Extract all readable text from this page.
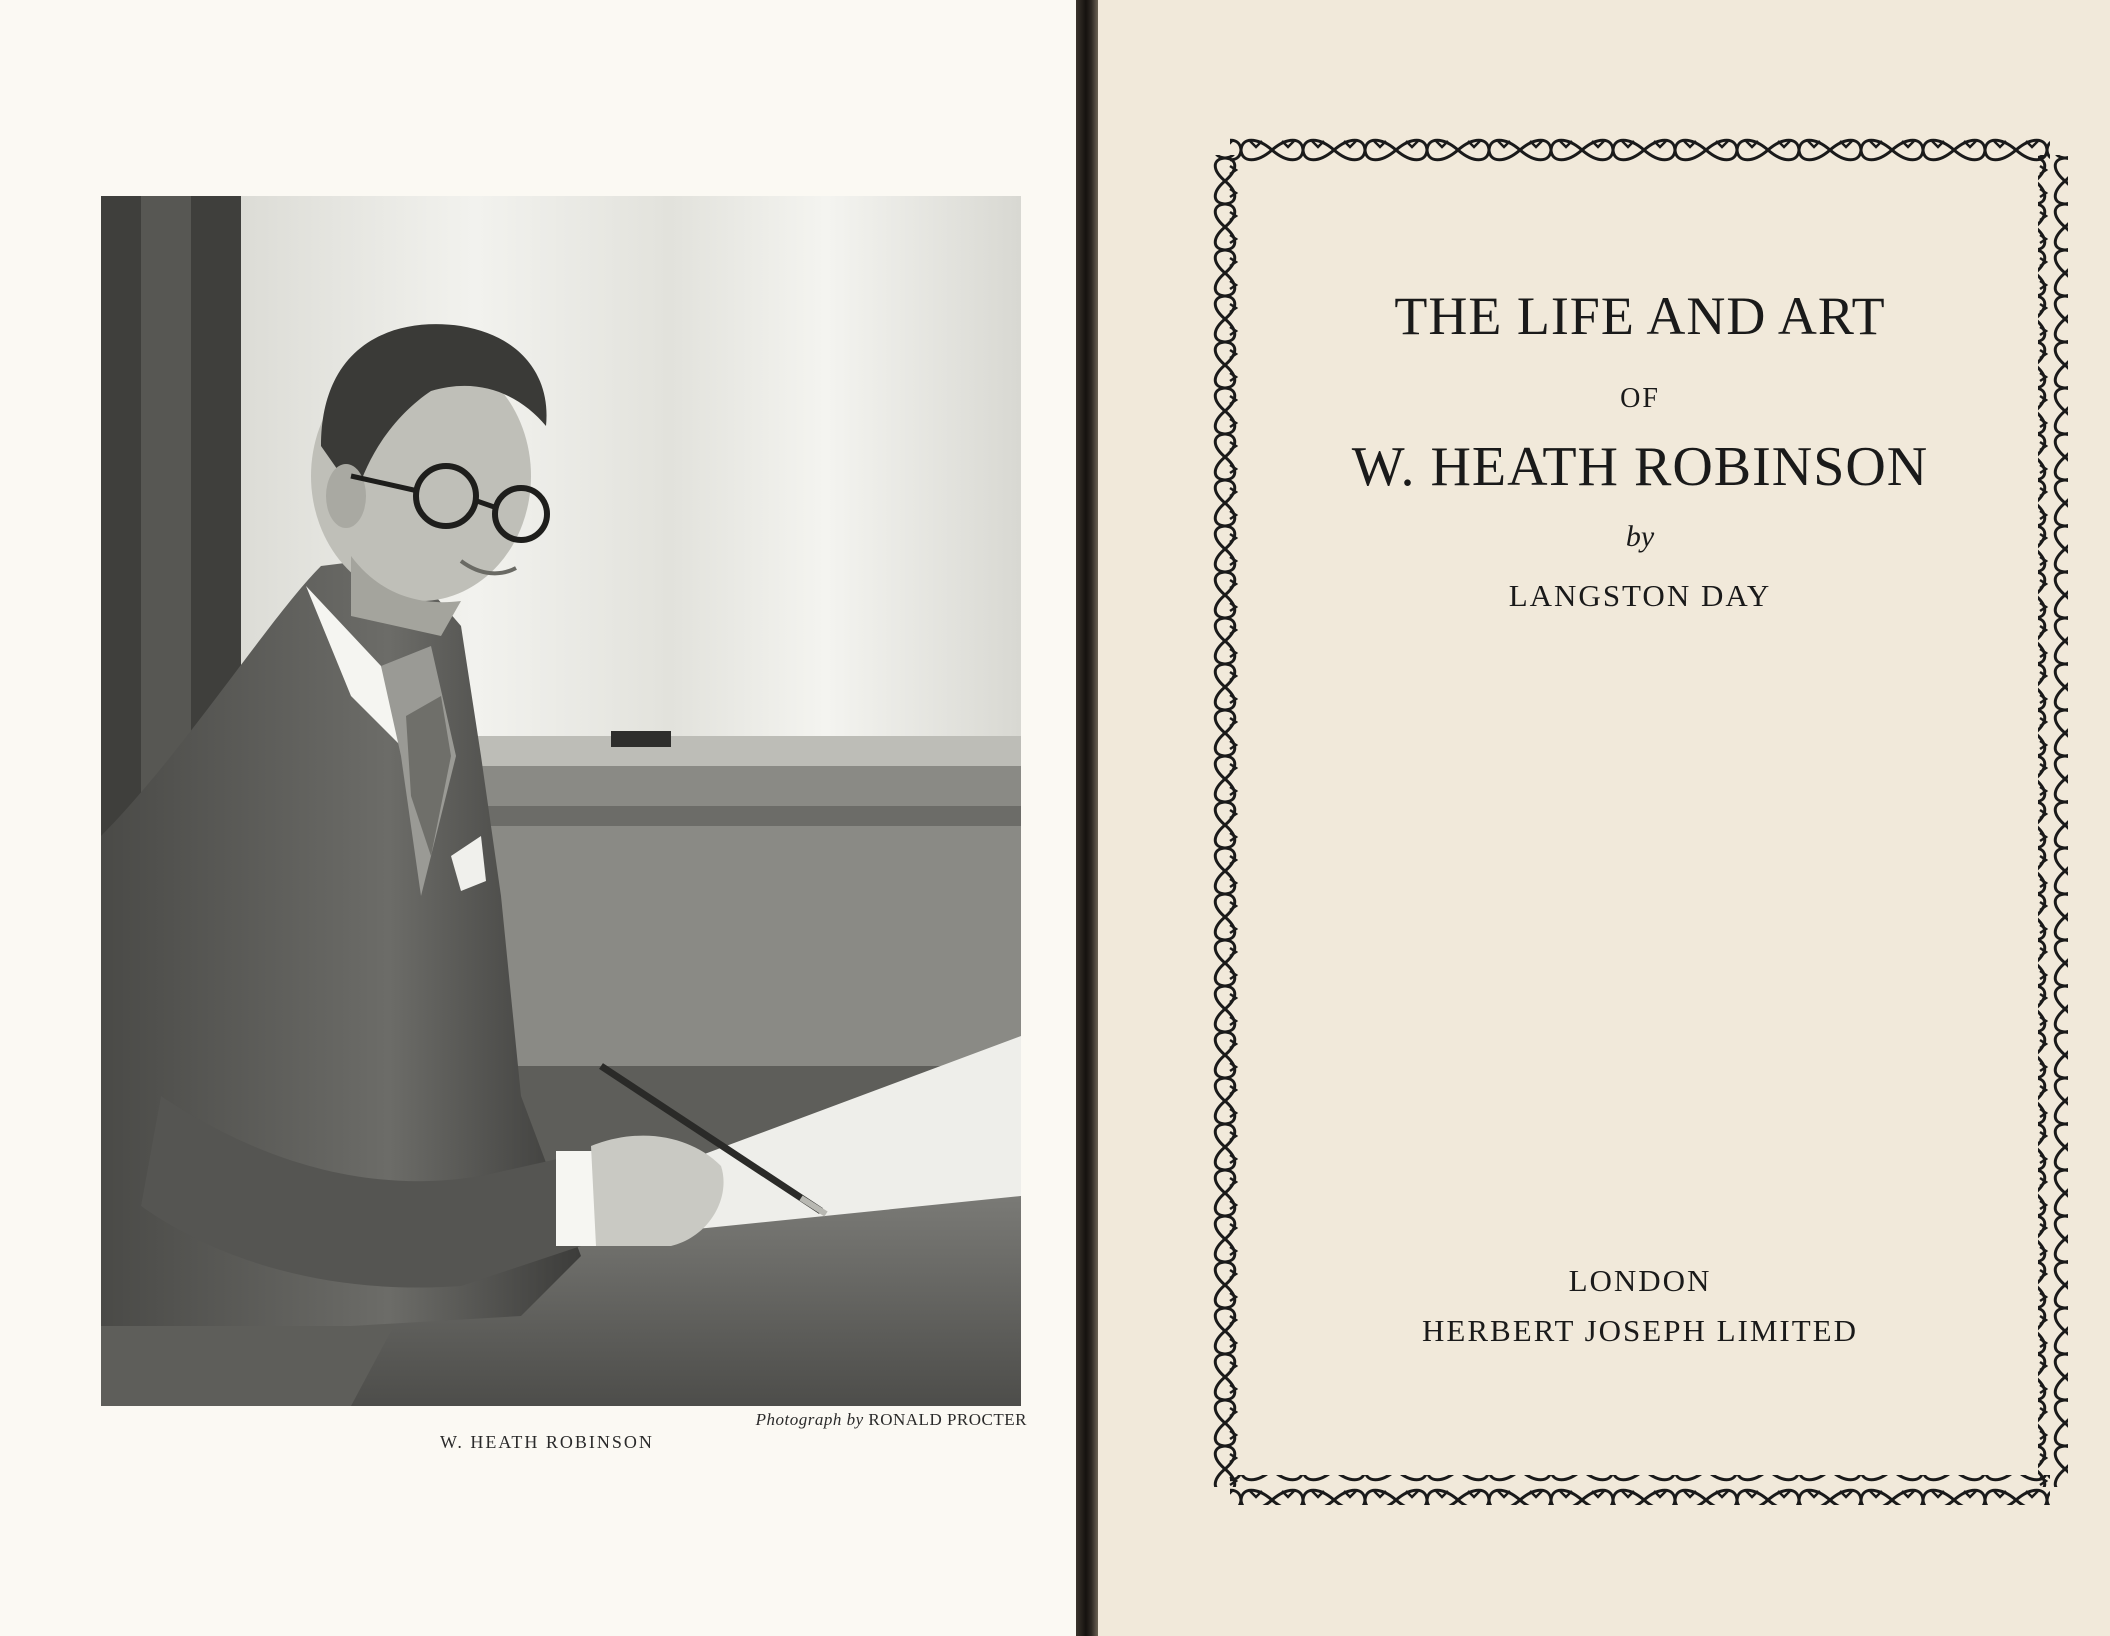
Photograph by RONALD PROCTER
W. HEATH ROBINSON
THE LIFE AND ART
OF
W. HEATH ROBINSON
by
LANGSTON DAY
LONDON
HERBERT JOSEPH LIMITED
